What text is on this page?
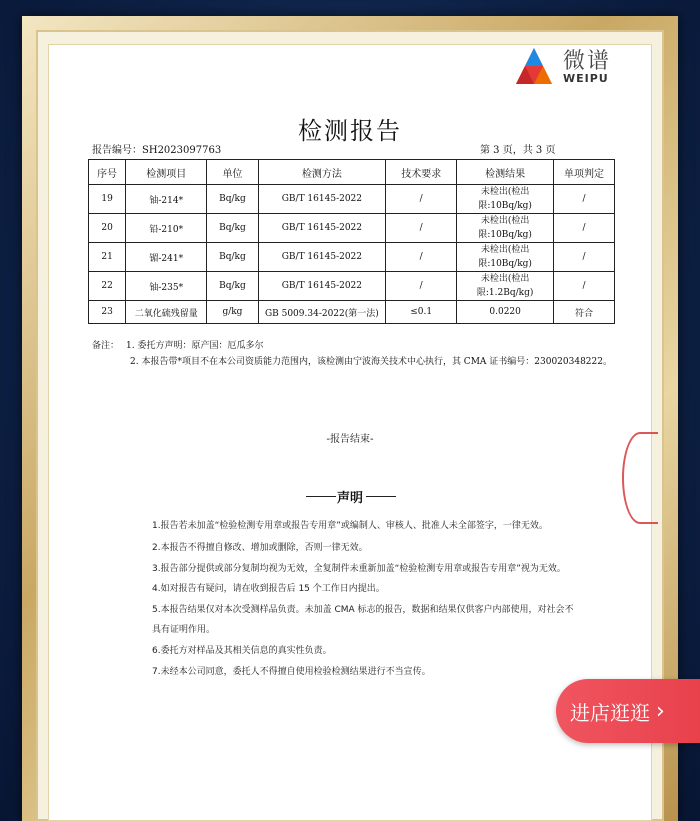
微谱
WEIPU
检测报告
报告编号：SH2023097763	第 3 页，共 3 页
序号	检测项目	单位	检测方法	技术要求	检测结果	单项判定
19	铀-214*	Bq/kg	GB/T 16145-2022	/	未检出(检出限:10Bq/kg)	/
20	铅-210*	Bq/kg	GB/T 16145-2022	/	未检出(检出限:10Bq/kg)	/
21	镅-241*	Bq/kg	GB/T 16145-2022	/	未检出(检出限:10Bq/kg)	/
22	铀-235*	Bq/kg	GB/T 16145-2022	/	未检出(检出限:1.2Bq/kg)	/
23	二氧化硫残留量	g/kg	GB 5009.34-2022(第一法)	≤0.1	0.0220	符合
备注： 1. 委托方声明：原产国：厄瓜多尔
2. 本报告带*项目不在本公司资质能力范围内，该检测由宁波海关技术中心执行，其 CMA 证书编号：230020348222。
-报告结束-
声明
1.报告若未加盖“检验检测专用章或报告专用章”或编制人、审核人、批准人未全部签字，一律无效。
2.本报告不得擅自修改、增加或删除，否则一律无效。
3.报告部分提供或部分复制均视为无效，全复制件未重新加盖“检验检测专用章或报告专用章”视为无效。
4.如对报告有疑问，请在收到报告后 15 个工作日内提出。
5.本报告结果仅对本次受测样品负责。未加盖 CMA 标志的报告，数据和结果仅供客户内部使用，对社会不
具有证明作用。
6.委托方对样品及其相关信息的真实性负责。
7.未经本公司同意，委托人不得擅自使用检验检测结果进行不当宣传。
进店逛逛 ›
